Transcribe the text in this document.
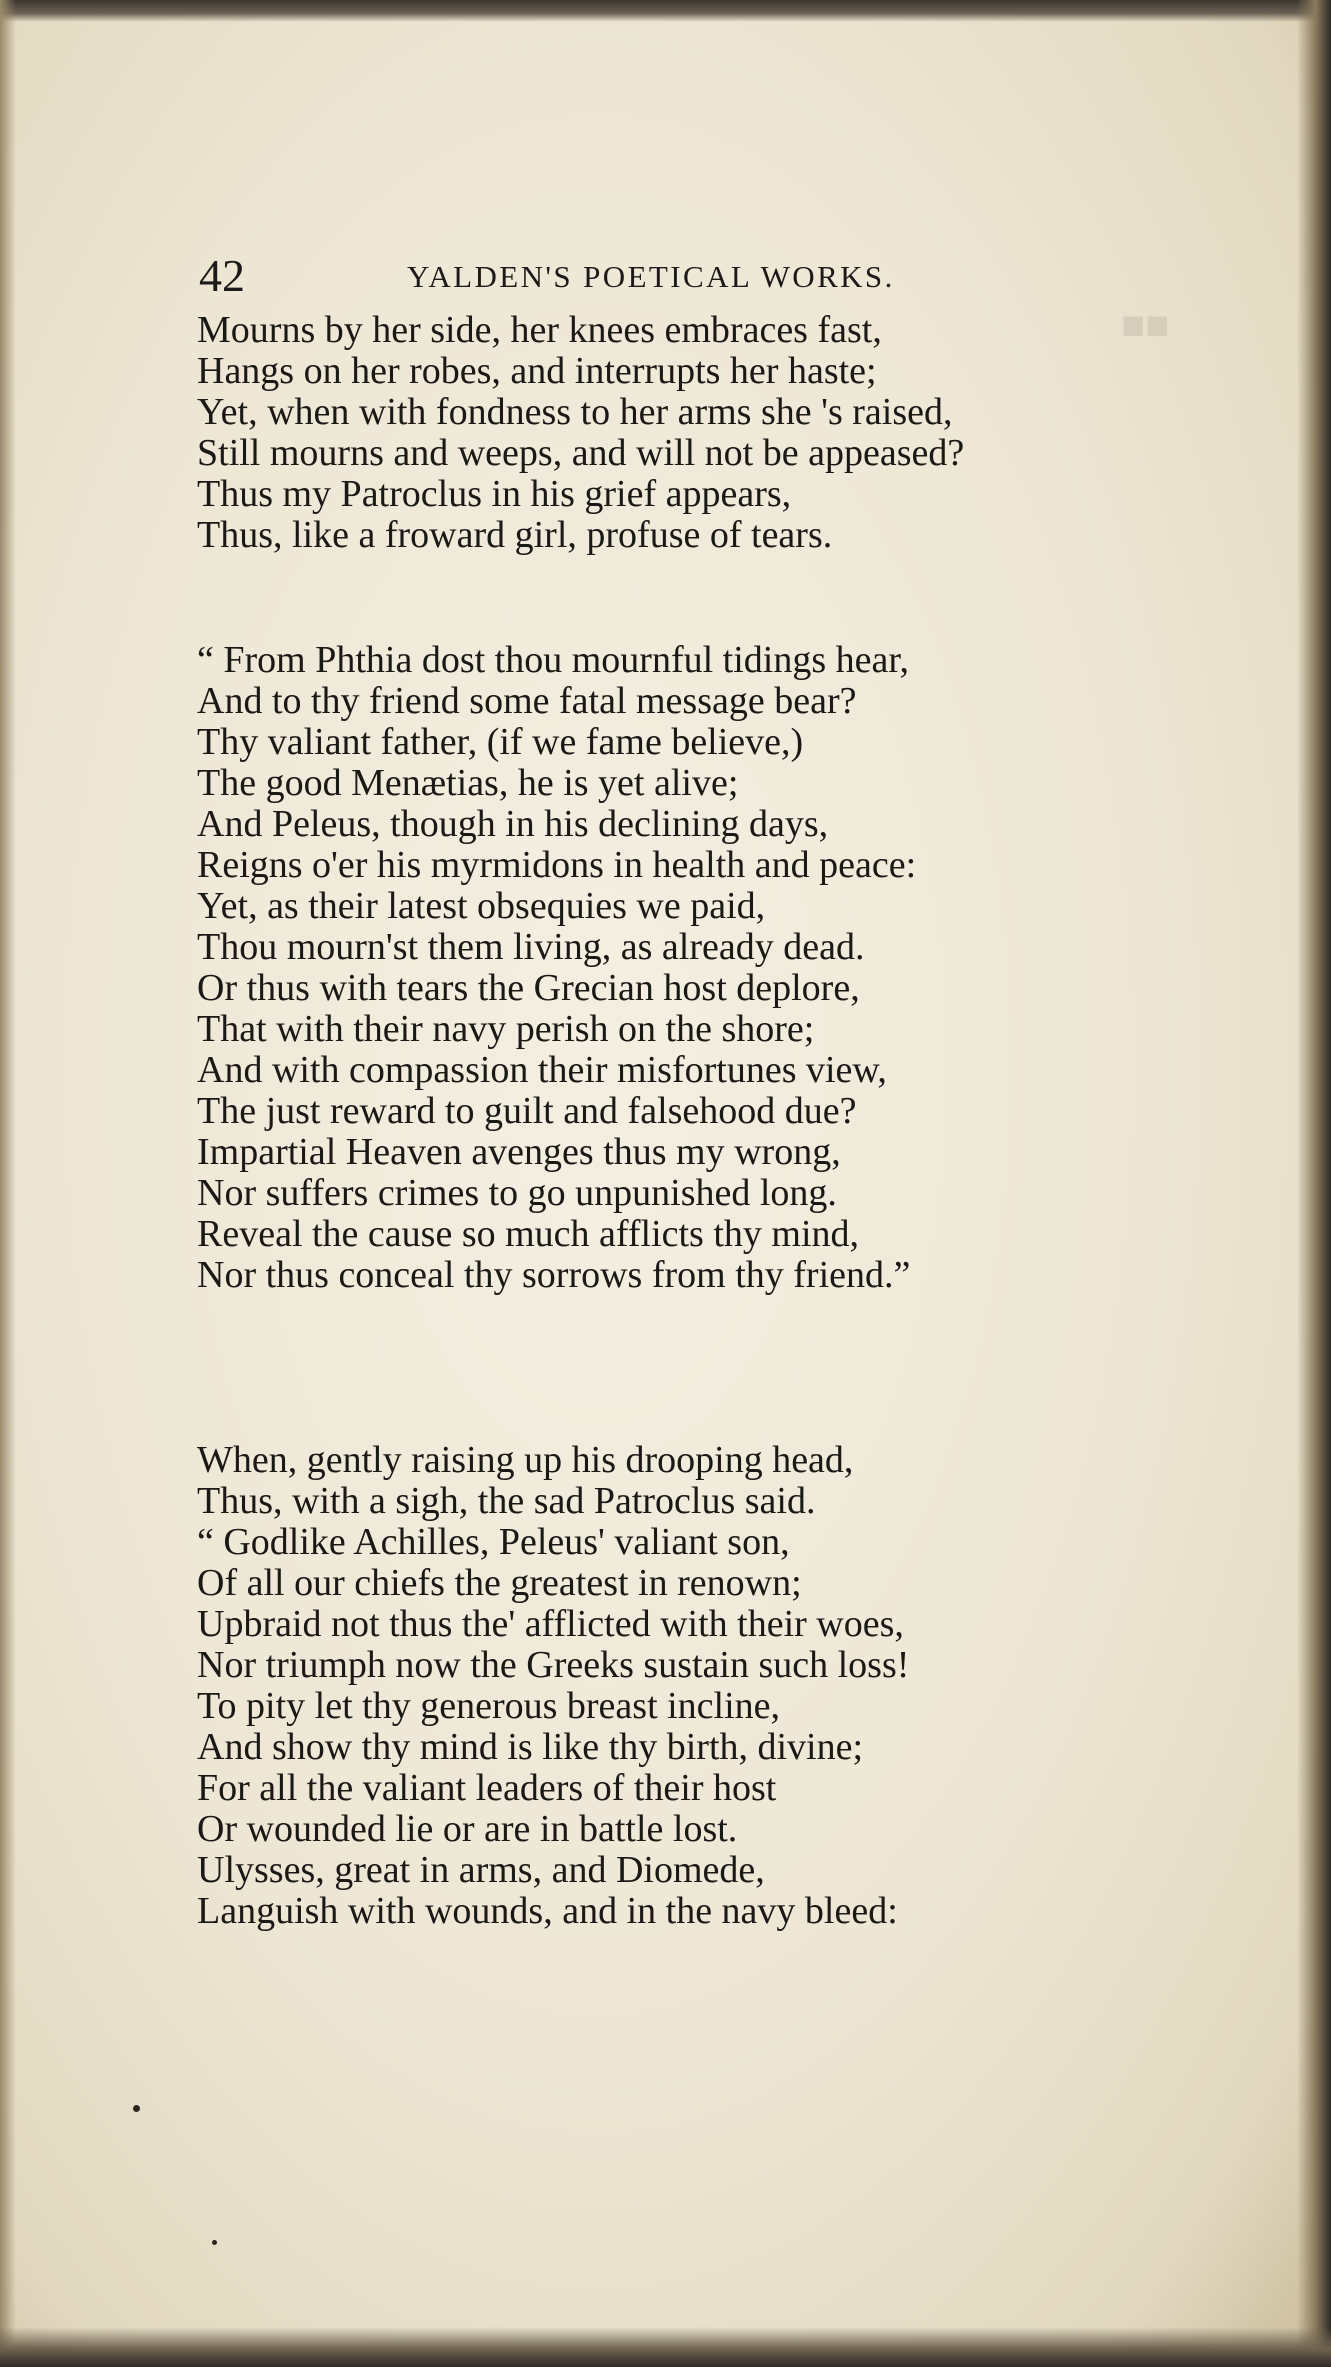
■■
42	YALDEN'S POETICAL WORKS.
Mourns by her side, her knees embraces fast,
Hangs on her robes, and interrupts her haste;
Yet, when with fondness to her arms she 's raised,
Still mourns and weeps, and will not be appeased?
Thus my Patroclus in his grief appears,
Thus, like a froward girl, profuse of tears.
“ From Phthia dost thou mournful tidings hear,
And to thy friend some fatal message bear?
Thy valiant father, (if we fame believe,)
The good Menætias, he is yet alive;
And Peleus, though in his declining days,
Reigns o'er his myrmidons in health and peace:
Yet, as their latest obsequies we paid,
Thou mourn'st them living, as already dead.
Or thus with tears the Grecian host deplore,
That with their navy perish on the shore;
And with compassion their misfortunes view,
The just reward to guilt and falsehood due?
Impartial Heaven avenges thus my wrong,
Nor suffers crimes to go unpunished long.
Reveal the cause so much afflicts thy mind,
Nor thus conceal thy sorrows from thy friend.”
When, gently raising up his drooping head,
Thus, with a sigh, the sad Patroclus said.
“ Godlike Achilles, Peleus' valiant son,
Of all our chiefs the greatest in renown;
Upbraid not thus the' afflicted with their woes,
Nor triumph now the Greeks sustain such loss!
To pity let thy generous breast incline,
And show thy mind is like thy birth, divine;
For all the valiant leaders of their host
Or wounded lie or are in battle lost.
Ulysses, great in arms, and Diomede,
Languish with wounds, and in the navy bleed:
